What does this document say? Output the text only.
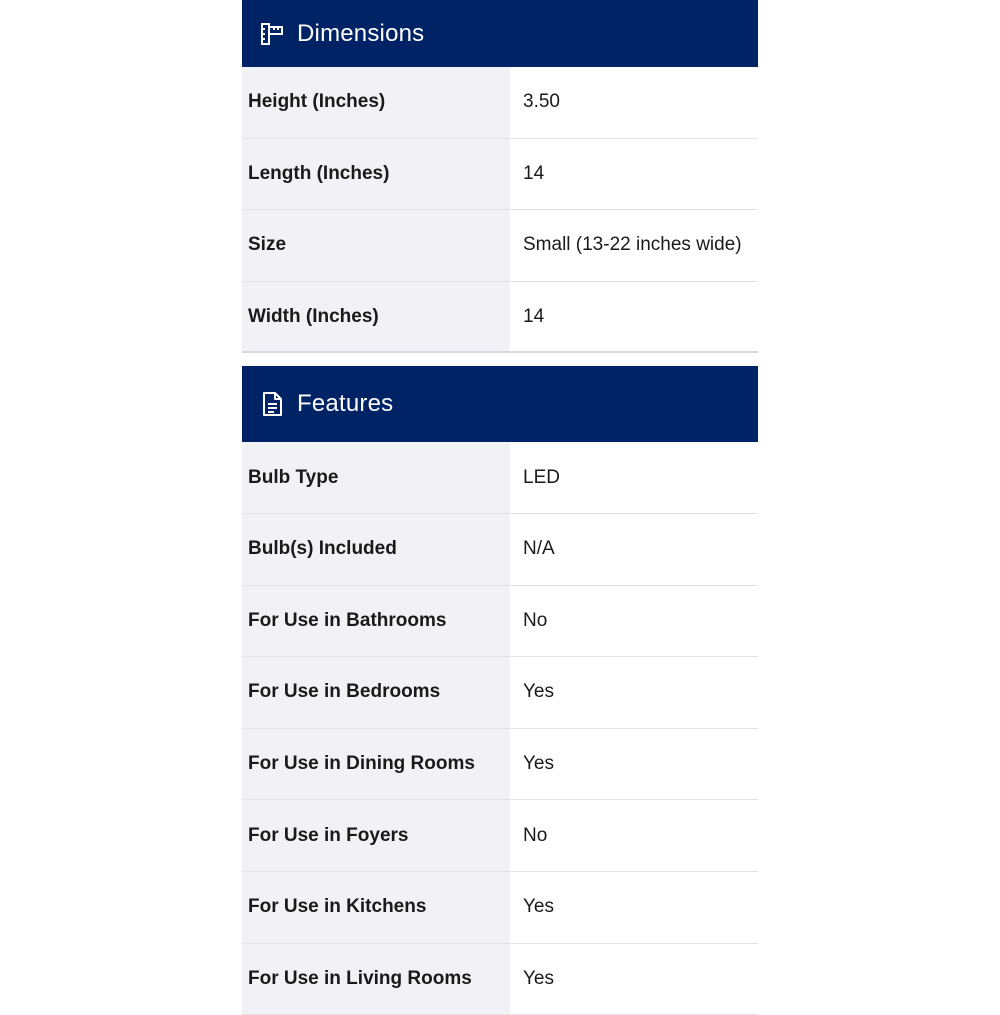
Dimensions
Height (Inches)	3.50
Length (Inches)	14
Size	Small (13-22 inches wide)
Width (Inches)	14
Features
Bulb Type	LED
Bulb(s) Included	N/A
For Use in Bathrooms	No
For Use in Bedrooms	Yes
For Use in Dining Rooms	Yes
For Use in Foyers	No
For Use in Kitchens	Yes
For Use in Living Rooms	Yes
